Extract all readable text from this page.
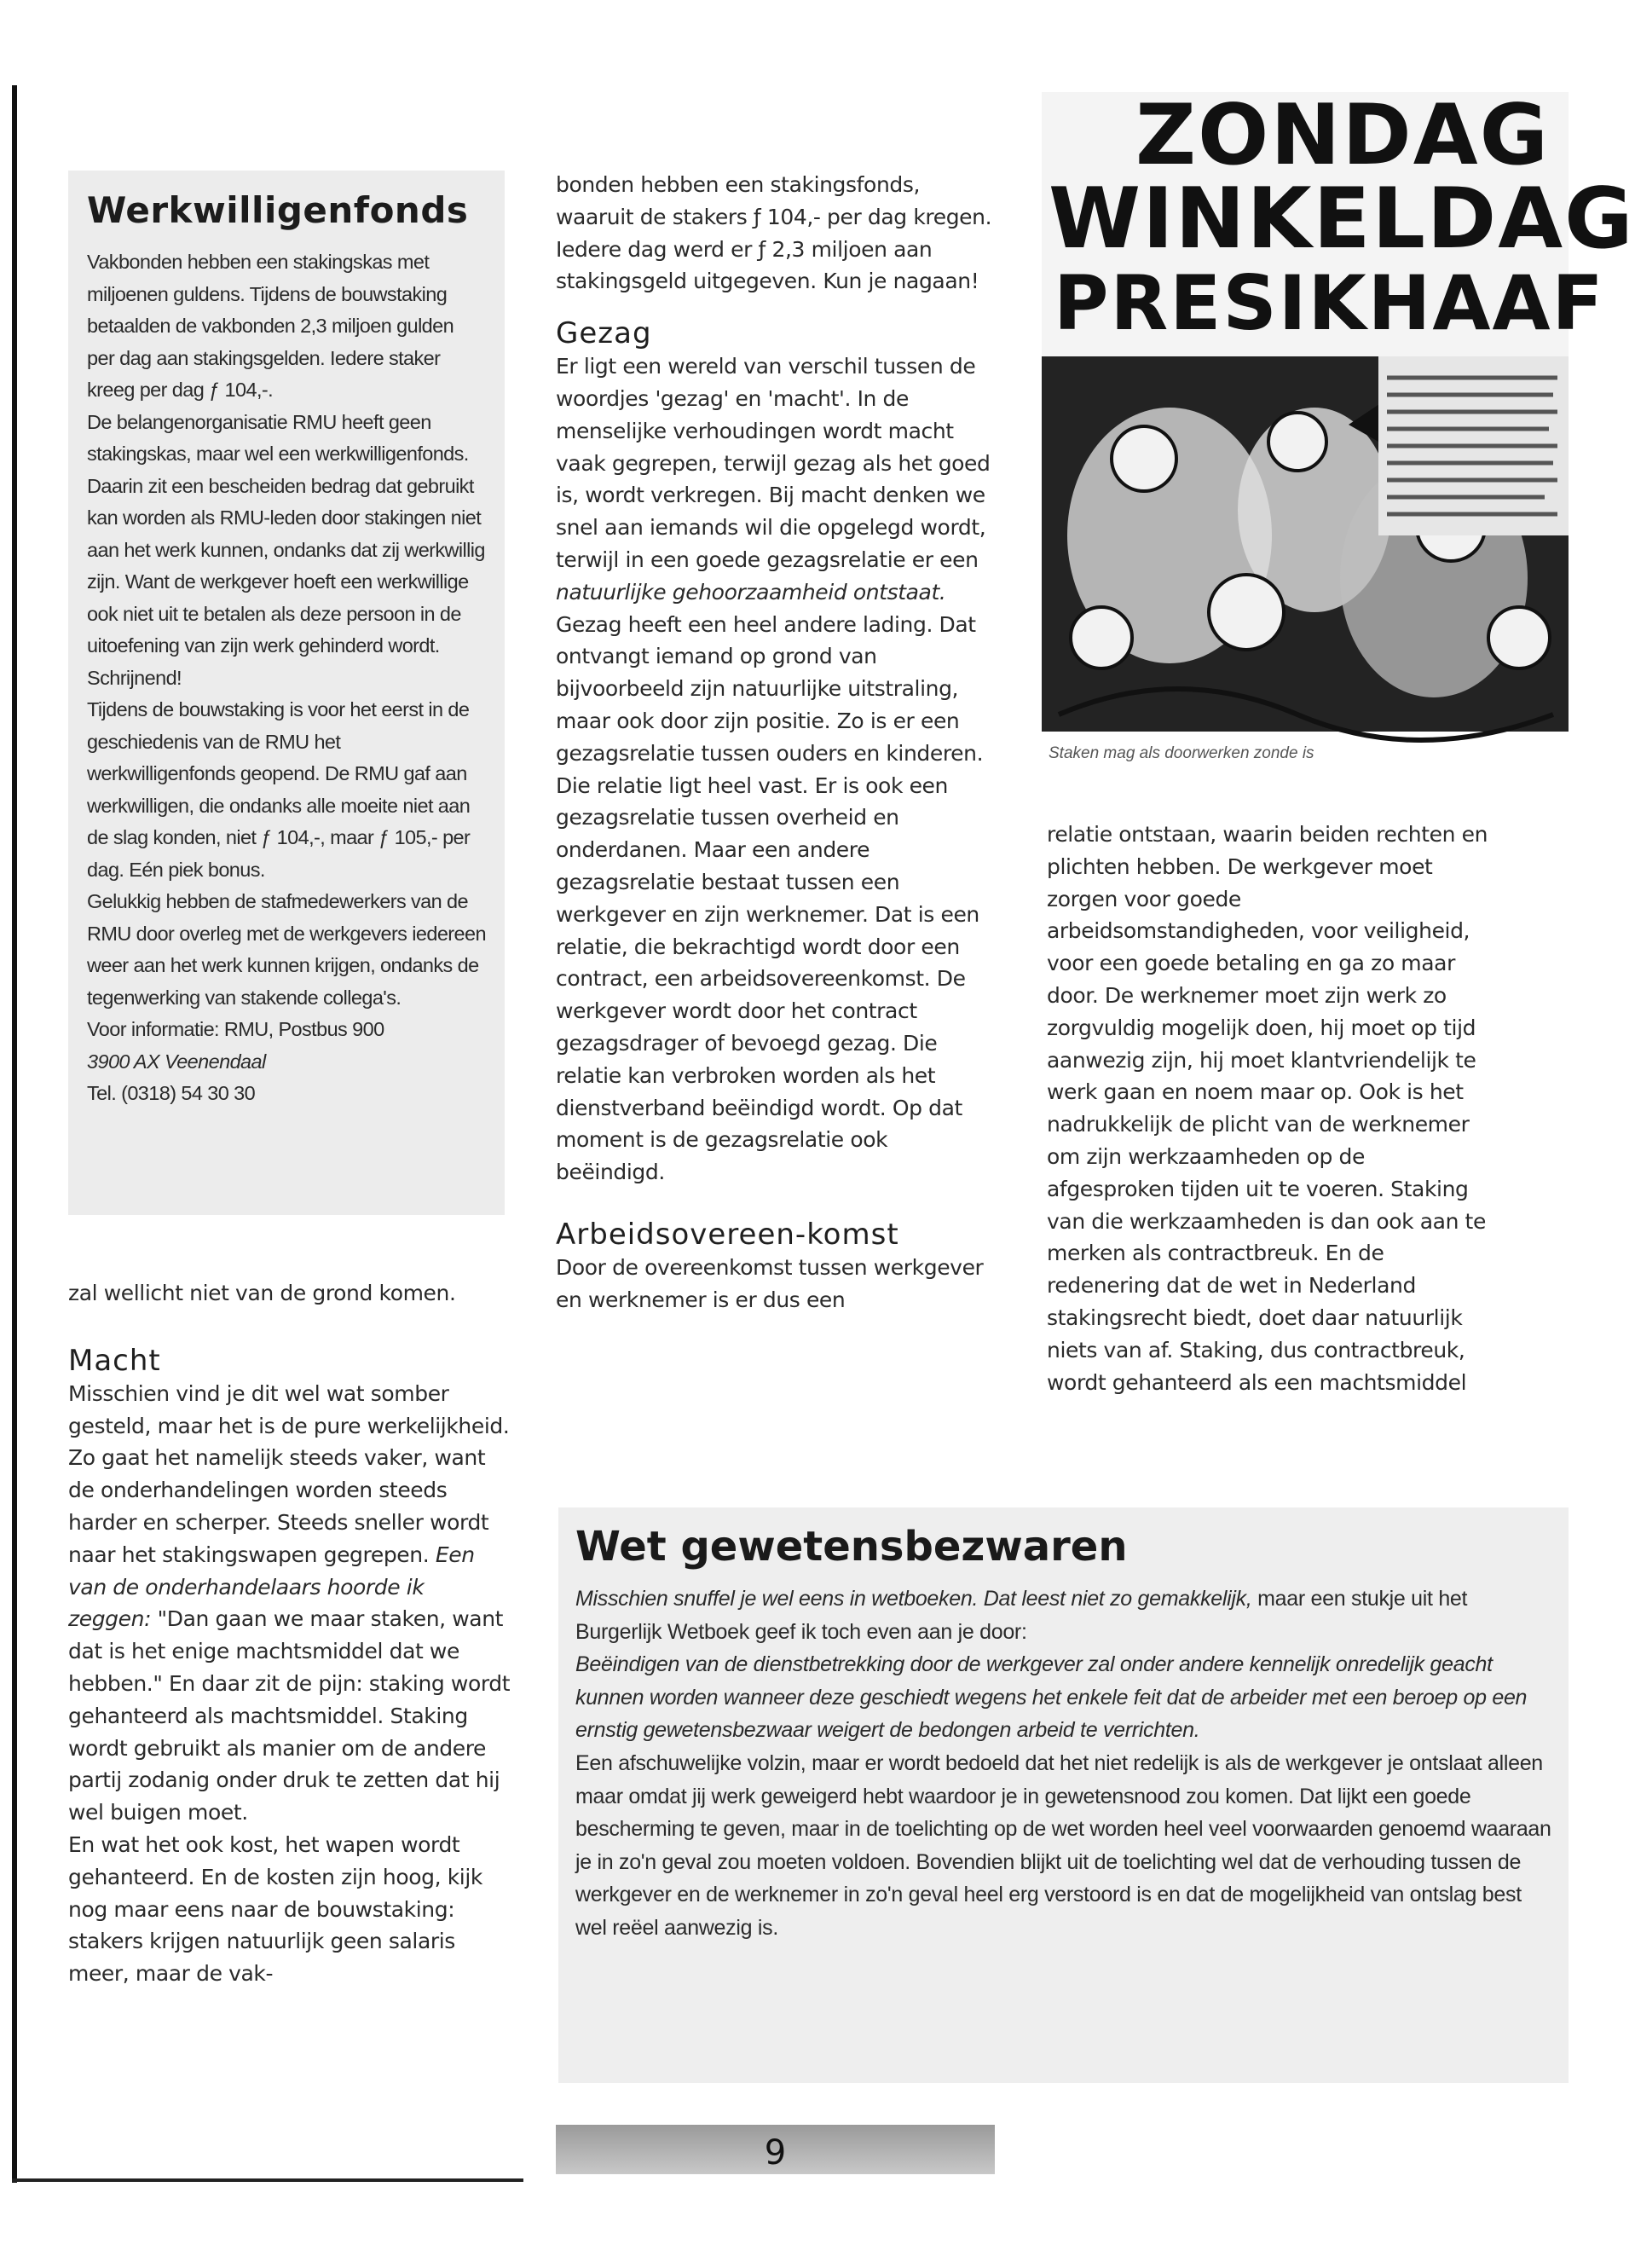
Werkwilligenfonds

Vakbonden hebben een stakingskas met miljoenen guldens. Tijdens de bouwstaking betaalden de vakbonden 2,3 miljoen gulden per dag aan stakingsgelden. Iedere staker kreeg per dag ƒ 104,-.

De belangenorganisatie RMU heeft geen stakingskas, maar wel een werkwilligenfonds. Daarin zit een bescheiden bedrag dat gebruikt kan worden als RMU-leden door stakingen niet aan het werk kunnen, ondanks dat zij werkwillig zijn. Want de werkgever hoeft een werkwillige ook niet uit te betalen als deze persoon in de uitoefening van zijn werk gehinderd wordt. Schrijnend!

Tijdens de bouwstaking is voor het eerst in de geschiedenis van de RMU het werkwilligenfonds geopend. De RMU gaf aan werkwilligen, die ondanks alle moeite niet aan de slag konden, niet ƒ 104,-, maar ƒ 105,- per dag. Eén piek bonus.

Gelukkig hebben de stafmedewerkers van de RMU door overleg met de werkgevers iedereen weer aan het werk kunnen krijgen, ondanks de tegenwerking van stakende collega's.

Voor informatie: RMU, Postbus 900

3900 AX Veenendaal

Tel. (0318) 54 30 30

zal wellicht niet van de grond komen.

Macht

Misschien vind je dit wel wat somber gesteld, maar het is de pure werkelijkheid. Zo gaat het namelijk steeds vaker, want de onderhandelingen worden steeds harder en scherper. Steeds sneller wordt naar het stakingswapen gegrepen. Een van de onderhandelaars hoorde ik zeggen: "Dan gaan we maar staken, want dat is het enige machtsmiddel dat we hebben." En daar zit de pijn: staking wordt gehanteerd als machtsmiddel. Staking wordt gebruikt als manier om de andere partij zodanig onder druk te zetten dat hij wel buigen moet.

En wat het ook kost, het wapen wordt gehanteerd. En de kosten zijn hoog, kijk nog maar eens naar de bouwstaking: stakers krijgen natuurlijk geen salaris meer, maar de vak-

bonden hebben een stakingsfonds, waaruit de stakers ƒ 104,- per dag kregen. Iedere dag werd er ƒ 2,3 miljoen aan stakingsgeld uitgegeven. Kun je nagaan!

Gezag

Er ligt een wereld van verschil tussen de woordjes 'gezag' en 'macht'. In de menselijke verhoudingen wordt macht vaak gegrepen, terwijl gezag als het goed is, wordt verkregen. Bij macht denken we snel aan iemands wil die opgelegd wordt, terwijl in een goede gezagsrelatie er een natuurlijke gehoorzaamheid ontstaat. Gezag heeft een heel andere lading. Dat ontvangt iemand op grond van bijvoorbeeld zijn natuurlijke uitstraling, maar ook door zijn positie. Zo is er een gezagsrelatie tussen ouders en kinderen. Die relatie ligt heel vast. Er is ook een gezagsrelatie tussen overheid en onderdanen. Maar een andere gezagsrelatie bestaat tussen een werkgever en zijn werknemer. Dat is een relatie, die bekrachtigd wordt door een contract, een arbeidsovereenkomst. De werkgever wordt door het contract gezagsdrager of bevoegd gezag. Die relatie kan verbroken worden als het dienstverband beëindigd wordt. Op dat moment is de gezagsrelatie ook beëindigd.

Arbeidsovereen-komst

Door de overeenkomst tussen werkgever en werknemer is er dus een

ZONDAG
WINKELDAG
PRESIKHAAF
Staken mag als doorwerken zonde is

relatie ontstaan, waarin beiden rechten en plichten hebben. De werkgever moet zorgen voor goede arbeidsomstandigheden, voor veiligheid, voor een goede betaling en ga zo maar door. De werknemer moet zijn werk zo zorgvuldig mogelijk doen, hij moet op tijd aanwezig zijn, hij moet klantvriendelijk te werk gaan en noem maar op. Ook is het nadrukkelijk de plicht van de werknemer om zijn werkzaamheden op de afgesproken tijden uit te voeren. Staking van die werkzaamheden is dan ook aan te merken als contractbreuk. En de redenering dat de wet in Nederland stakingsrecht biedt, doet daar natuurlijk niets van af. Staking, dus contractbreuk, wordt gehanteerd als een machtsmiddel

Wet gewetensbezwaren

Misschien snuffel je wel eens in wetboeken. Dat leest niet zo gemakkelijk, maar een stukje uit het Burgerlijk Wetboek geef ik toch even aan je door:

Beëindigen van de dienstbetrekking door de werkgever zal onder andere kennelijk onredelijk geacht kunnen worden wanneer deze geschiedt wegens het enkele feit dat de arbeider met een beroep op een ernstig gewetensbezwaar weigert de bedongen arbeid te verrichten.

Een afschuwelijke volzin, maar er wordt bedoeld dat het niet redelijk is als de werkgever je ontslaat alleen maar omdat jij werk geweigerd hebt waardoor je in gewetensnood zou komen. Dat lijkt een goede bescherming te geven, maar in de toelichting op de wet worden heel veel voorwaarden genoemd waaraan je in zo'n geval zou moeten voldoen. Bovendien blijkt uit de toelichting wel dat de verhouding tussen de werkgever en de werknemer in zo'n geval heel erg verstoord is en dat de mogelijkheid van ontslag best wel reëel aanwezig is.

9
